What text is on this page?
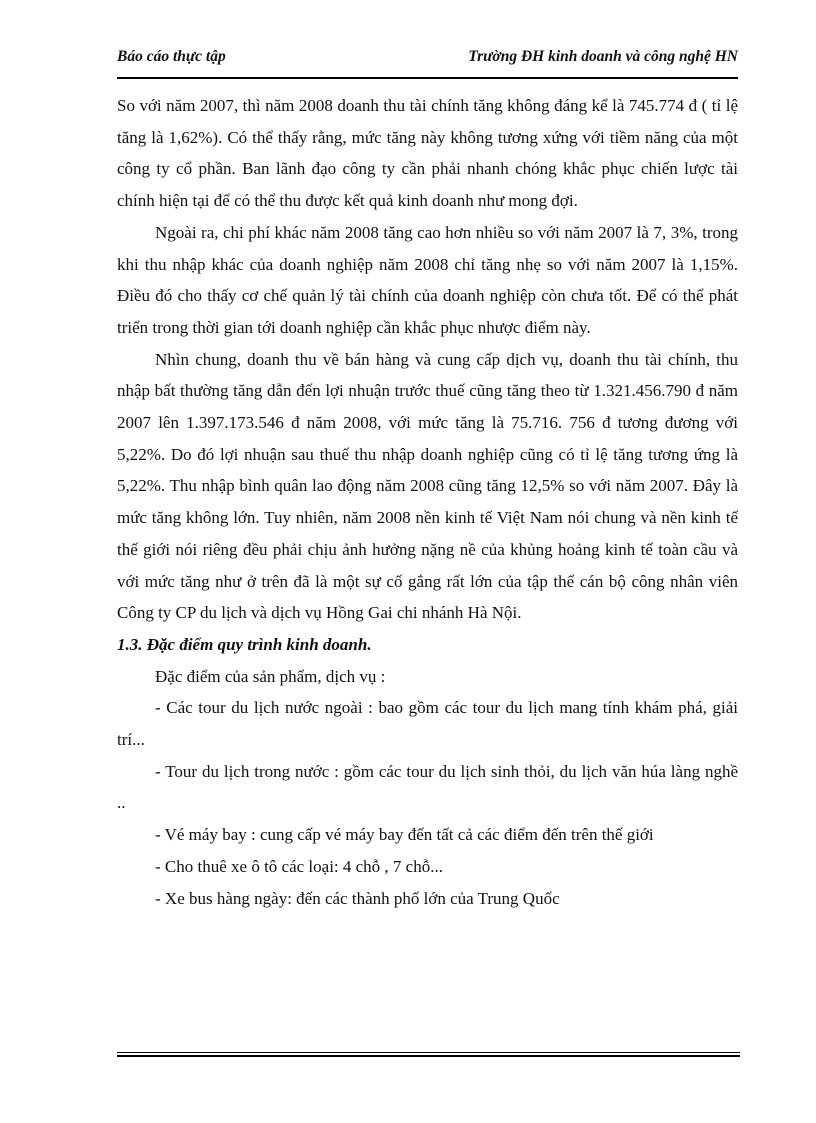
Báo cáo thực tập	Trường ĐH kinh doanh và công nghệ HN

So với năm 2007, thì năm 2008 doanh thu tài chính tăng không đáng kể là 745.774 đ ( tỉ lệ tăng là 1,62%). Có thể thấy rằng, mức tăng này không tương xứng với tiềm năng của một công ty cổ phần. Ban lãnh đạo công ty cần phải nhanh chóng khắc phục chiến lược tài chính hiện tại để có thể thu được kết quả kinh doanh như mong đợi.

Ngoài ra, chi phí khác năm 2008 tăng cao hơn nhiều so với năm 2007 là 7, 3%, trong khi thu nhập khác của doanh nghiệp năm 2008 chỉ tăng nhẹ so với năm 2007 là 1,15%. Điều đó cho thấy cơ chế quản lý tài chính của doanh nghiệp còn chưa tốt. Để có thể phát triển trong thời gian tới doanh nghiệp cần khắc phục nhược điểm này.

Nhìn chung, doanh thu về bán hàng và cung cấp dịch vụ, doanh thu tài chính, thu nhập bất thường tăng dẫn đến lợi nhuận trước thuế cũng tăng theo từ 1.321.456.790 đ năm 2007 lên 1.397.173.546 đ năm 2008, với mức tăng là 75.716. 756 đ tương đương với 5,22%. Do đó lợi nhuận sau thuế thu nhập doanh nghiệp cũng có tỉ lệ tăng tương ứng là 5,22%. Thu nhập bình quân lao động năm 2008 cũng tăng 12,5% so với năm 2007. Đây là mức tăng không lớn. Tuy nhiên, năm 2008 nền kinh tế Việt Nam nói chung và nền kinh tế thế giới nói riêng đều phải chịu ảnh hưởng nặng nề của khủng hoảng kinh tế toàn cầu và với mức tăng như ở trên đã là một sự cố gắng rất lớn của tập thể cán bộ công nhân viên Công ty CP du lịch và dịch vụ Hồng Gai chi nhánh Hà Nội.

1.3. Đặc điểm quy trình kinh doanh.

Đặc điểm của sản phẩm, dịch vụ :

- Các tour du lịch nước ngoài : bao gồm các tour du lịch mang tính khám phá, giải trí...

- Tour du lịch trong nước : gồm các tour du lịch sinh thỏi, du lịch văn húa làng nghề ..

- Vé máy bay : cung cấp vé máy bay đến tất cả các điểm đến trên thế giới

- Cho thuê xe ô tô các loại: 4 chỗ , 7 chỗ...

- Xe bus hàng ngày: đến các thành phố lớn của Trung Quốc
